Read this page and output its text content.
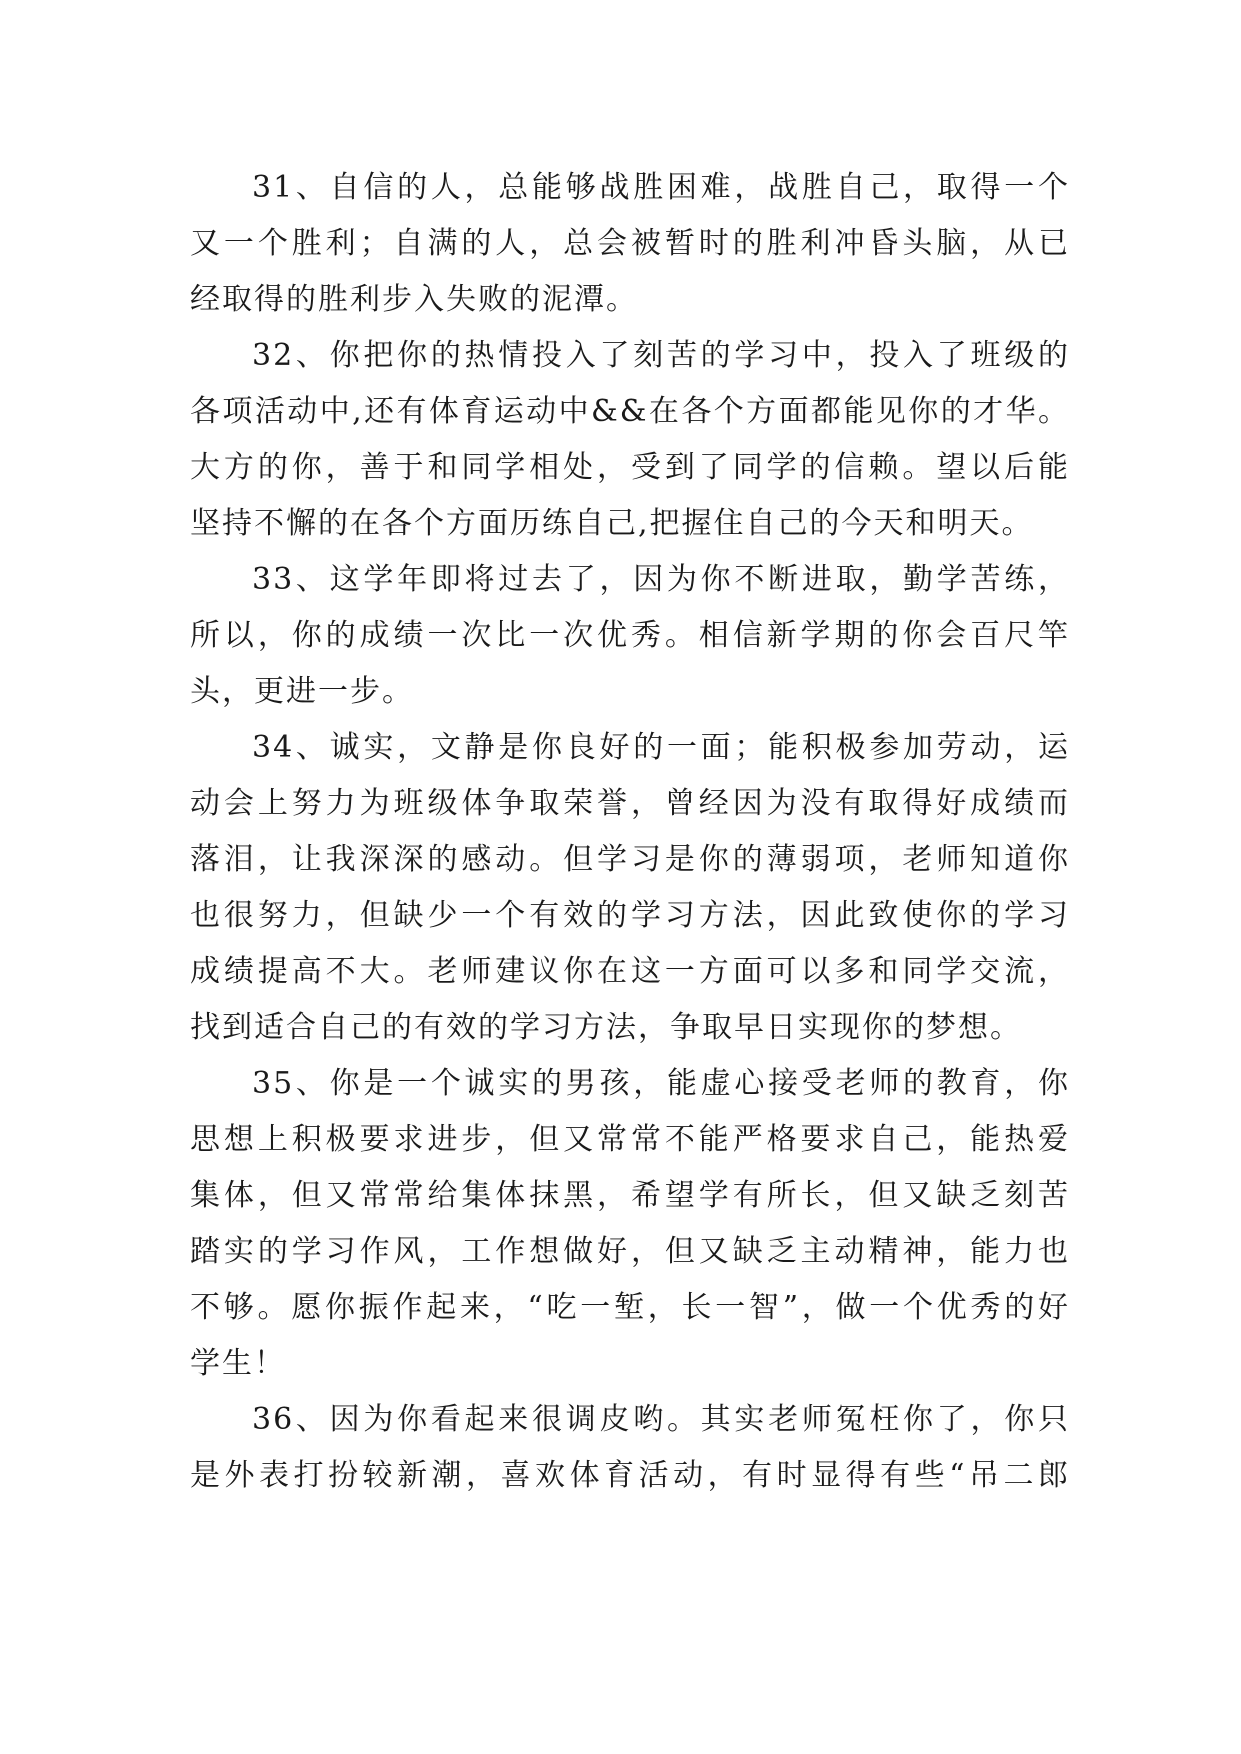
31、自信的人，总能够战胜困难，战胜自己，取得一个
又一个胜利；自满的人，总会被暂时的胜利冲昏头脑，从已
经取得的胜利步入失败的泥潭。
32、你把你的热情投入了刻苦的学习中，投入了班级的
各项活动中,还有体育运动中&&在各个方面都能见你的才华。
大方的你，善于和同学相处，受到了同学的信赖。望以后能
坚持不懈的在各个方面历练自己,把握住自己的今天和明天。
33、这学年即将过去了，因为你不断进取，勤学苦练，
所以，你的成绩一次比一次优秀。相信新学期的你会百尺竿
头，更进一步。
34、诚实，文静是你良好的一面；能积极参加劳动，运
动会上努力为班级体争取荣誉，曾经因为没有取得好成绩而
落泪，让我深深的感动。但学习是你的薄弱项，老师知道你
也很努力，但缺少一个有效的学习方法，因此致使你的学习
成绩提高不大。老师建议你在这一方面可以多和同学交流，
找到适合自己的有效的学习方法，争取早日实现你的梦想。
35、你是一个诚实的男孩，能虚心接受老师的教育，你
思想上积极要求进步，但又常常不能严格要求自己，能热爱
集体，但又常常给集体抹黑，希望学有所长，但又缺乏刻苦
踏实的学习作风，工作想做好，但又缺乏主动精神，能力也
不够。愿你振作起来，“吃一堑，长一智”，做一个优秀的好
学生！
36、因为你看起来很调皮哟。其实老师冤枉你了，你只
是外表打扮较新潮，喜欢体育活动，有时显得有些“吊二郎
